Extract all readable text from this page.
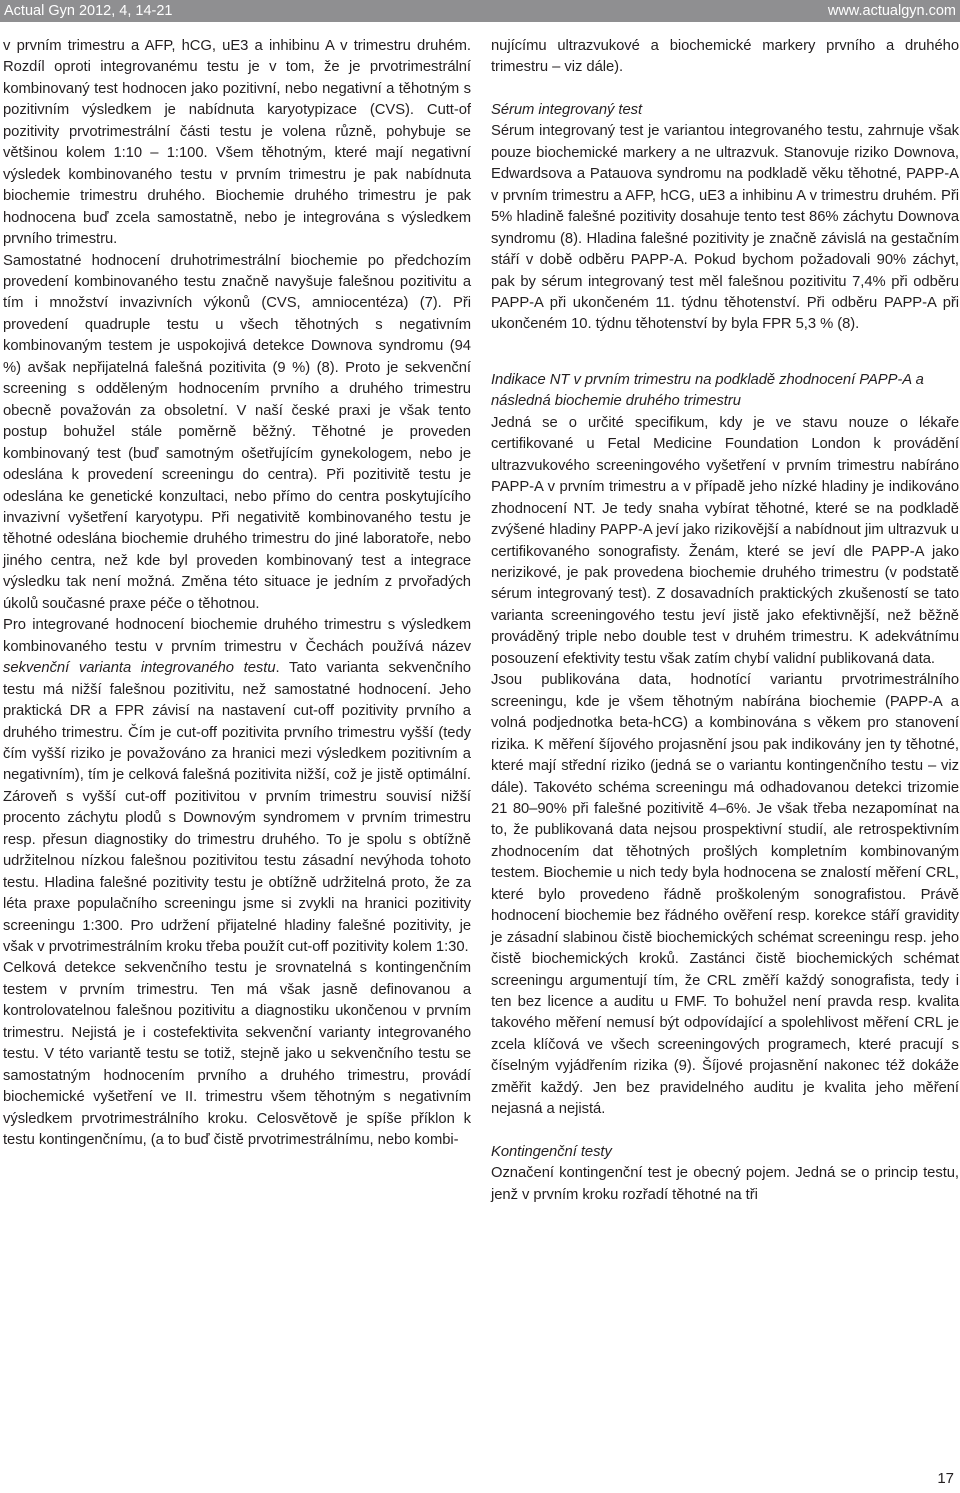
Actual Gyn 2012, 4, 14-21	www.actualgyn.com

v prvním trimestru a AFP, hCG, uE3 a inhibinu A v trimestru druhém. Rozdíl oproti integrovanému testu je v tom, že je prvotrimestrální kombinovaný test hodnocen jako pozitivní, nebo negativní a těhotným s pozitivním výsledkem je nabídnuta karyotypizace (CVS). Cutt-of pozitivity prvotrimestrální části testu je volena různě, pohybuje se většinou kolem 1:10 – 1:100. Všem těhotným, které mají negativní výsledek kombinovaného testu v prvním trimestru je pak nabídnuta biochemie trimestru druhého. Biochemie druhého trimestru je pak hodnocena buď zcela samostatně, nebo je integrována s výsledkem prvního trimestru.

Samostatné hodnocení druhotrimestrální biochemie po předchozím provedení kombinovaného testu značně navyšuje falešnou pozitivitu a tím i množství invazivních výkonů (CVS, amniocentéza) (7). Při provedení quadruple testu u všech těhotných s negativním kombinovaným testem je uspokojivá detekce Downova syndromu (94 %) avšak nepřijatelná falešná pozitivita (9 %) (8). Proto je sekvenční screening s odděleným hodnocením prvního a druhého trimestru obecně považován za obsoletní. V naší české praxi je však tento postup bohužel stále poměrně běžný. Těhotné je proveden kombinovaný test (buď samotným ošetřujícím gynekologem, nebo je odeslána k provedení screeningu do centra). Při pozitivitě testu je odeslána ke genetické konzultaci, nebo přímo do centra poskytujícího invazivní vyšetření karyotypu. Při negativitě kombinovaného testu je těhotné odeslána biochemie druhého trimestru do jiné laboratoře, nebo jiného centra, než kde byl proveden kombinovaný test a integrace výsledku tak není možná. Změna této situace je jedním z prvořadých úkolů současné praxe péče o těhotnou.

Pro integrované hodnocení biochemie druhého trimestru s výsledkem kombinovaného testu v prvním trimestru v Čechách používá název sekvenční varianta integrovaného testu. Tato varianta sekvenčního testu má nižší falešnou pozitivitu, než samostatné hodnocení. Jeho praktická DR a FPR závisí na nastavení cut-off pozitivity prvního a druhého trimestru. Čím je cut-off pozitivita prvního trimestru vyšší (tedy čím vyšší riziko je považováno za hranici mezi výsledkem pozitivním a negativním), tím je celková falešná pozitivita nižší, což je jistě optimální. Zároveň s vyšší cut-off pozitivitou v prvním trimestru souvisí nižší procento záchytu plodů s Downovým syndromem v prvním trimestru resp. přesun diagnostiky do trimestru druhého. To je spolu s obtížně udržitelnou nízkou falešnou pozitivitou testu zásadní nevýhoda tohoto testu. Hladina falešné pozitivity testu je obtížně udržitelná proto, že za léta praxe populačního screeningu jsme si zvykli na hranici pozitivity screeningu 1:300. Pro udržení přijatelné hladiny falešné pozitivity, je však v prvotrimestrálním kroku třeba použít cut-off pozitivity kolem 1:30.

Celková detekce sekvenčního testu je srovnatelná s kontingenčním testem v prvním trimestru. Ten má však jasně definovanou a kontrolovatelnou falešnou pozitivitu a diagnostiku ukončenou v prvním trimestru. Nejistá je i costefektivita sekvenční varianty integrovaného testu. V této variantě testu se totiž, stejně jako u sekvenčního testu se samostatným hodnocením prvního a druhého trimestru, provádí biochemické vyšetření ve II. trimestru všem těhotným s negativním výsledkem prvotrimestrálního kroku. Celosvětově je spíše příklon k testu kontingenčnímu, (a to buď čistě prvotrimestrálnímu, nebo kombi-

nujícímu ultrazvukové a biochemické markery prvního a druhého trimestru – viz dále).

Sérum integrovaný test

Sérum integrovaný test je variantou integrovaného testu, zahrnuje však pouze biochemické markery a ne ultrazvuk. Stanovuje riziko Downova, Edwardsova a Patauova syndromu na podkladě věku těhotné, PAPP-A v prvním trimestru a AFP, hCG, uE3 a inhibinu A v trimestru druhém. Při 5% hladině falešné pozitivity dosahuje tento test 86% záchytu Downova syndromu (8). Hladina falešné pozitivity je značně závislá na gestačním stáří v době odběru PAPP-A. Pokud bychom požadovali 90% záchyt, pak by sérum integrovaný test měl falešnou pozitivitu 7,4% při odběru PAPP-A při ukončeném 11. týdnu těhotenství. Při odběru PAPP-A při ukončeném 10. týdnu těhotenství by byla FPR 5,3 % (8).

Indikace NT v prvním trimestru na podkladě zhodnocení PAPP-A a následná biochemie druhého trimestru

Jedná se o určité specifikum, kdy je ve stavu nouze o lékaře certifikované u Fetal Medicine Foundation London k provádění ultrazvukového screeningového vyšetření v prvním trimestru nabíráno PAPP-A v prvním trimestru a v případě jeho nízké hladiny je indikováno zhodnocení NT. Je tedy snaha vybírat těhotné, které se na podkladě zvýšené hladiny PAPP-A jeví jako rizikovější a nabídnout jim ultrazvuk u certifikovaného sonografisty. Ženám, které se jeví dle PAPP-A jako nerizikové, je pak provedena biochemie druhého trimestru (v podstatě sérum integrovaný test). Z dosavadních praktických zkušeností se tato varianta screeningového testu jeví jistě jako efektivnější, než běžně prováděný triple nebo double test v druhém trimestru. K adekvátnímu posouzení efektivity testu však zatím chybí validní publikovaná data.

Jsou publikována data, hodnotící variantu prvotrimestrálního screeningu, kde je všem těhotným nabírána biochemie (PAPP-A a volná podjednotka beta-hCG) a kombinována s věkem pro stanovení rizika. K měření šíjového projasnění jsou pak indikovány jen ty těhotné, které mají střední riziko (jedná se o variantu kontingenčního testu – viz dále). Takovéto schéma screeningu má odhadovanou detekci trizomie 21 80–90% při falešné pozitivitě 4–6%. Je však třeba nezapomínat na to, že publikovaná data nejsou prospektivní studií, ale retrospektivním zhodnocením dat těhotných prošlých kompletním kombinovaným testem. Biochemie u nich tedy byla hodnocena se znalostí měření CRL, které bylo provedeno řádně proškoleným sonografistou. Právě hodnocení biochemie bez řádného ověření resp. korekce stáří gravidity je zásadní slabinou čistě biochemických schémat screeningu resp. jeho čistě biochemických kroků. Zastánci čistě biochemických schémat screeningu argumentují tím, že CRL změří každý sonografista, tedy i ten bez licence a auditu u FMF. To bohužel není pravda resp. kvalita takového měření nemusí být odpovídající a spolehlivost měření CRL je zcela klíčová ve všech screeningových programech, které pracují s číselným vyjádřením rizika (9). Šíjové projasnění nakonec též dokáže změřit každý. Jen bez pravidelného auditu je kvalita jeho měření nejasná a nejistá.

Kontingenční testy

Označení kontingenční test je obecný pojem. Jedná se o princip testu, jenž v prvním kroku rozřadí těhotné na tři

17
